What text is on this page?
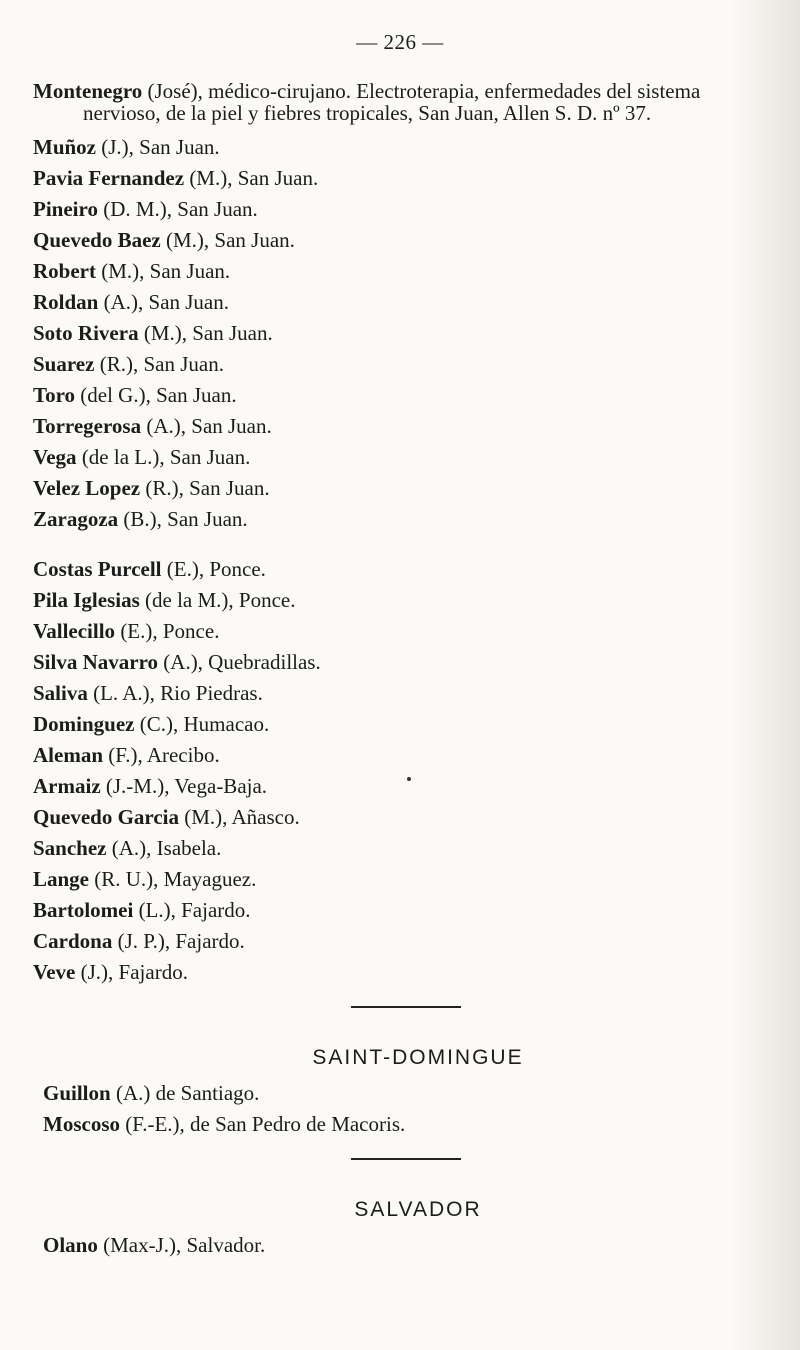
— 226 —
Montenegro (José), médico-cirujano. Electroterapia, enfermedades del sistema nervioso, de la piel y fiebres tropicales, San Juan, Allen S. D. nº 37.
Muñoz (J.), San Juan.
Pavia Fernandez (M.), San Juan.
Pineiro (D. M.), San Juan.
Quevedo Baez (M.), San Juan.
Robert (M.), San Juan.
Roldan (A.), San Juan.
Soto Rivera (M.), San Juan.
Suarez (R.), San Juan.
Toro (del G.), San Juan.
Torregerosa (A.), San Juan.
Vega (de la L.), San Juan.
Velez Lopez (R.), San Juan.
Zaragoza (B.), San Juan.
Costas Purcell (E.), Ponce.
Pila Iglesias (de la M.), Ponce.
Vallecillo (E.), Ponce.
Silva Navarro (A.), Quebradillas.
Saliva (L. A.), Rio Piedras.
Dominguez (C.), Humacao.
Aleman (F.), Arecibo.
Armaiz (J.-M.), Vega-Baja.
Quevedo Garcia (M.), Añasco.
Sanchez (A.), Isabela.
Lange (R. U.), Mayaguez.
Bartolomei (L.), Fajardo.
Cardona (J. P.), Fajardo.
Veve (J.), Fajardo.
SAINT-DOMINGUE
Guillon (A.) de Santiago.
Moscoso (F.-E.), de San Pedro de Macoris.
SALVADOR
Olano (Max-J.), Salvador.
